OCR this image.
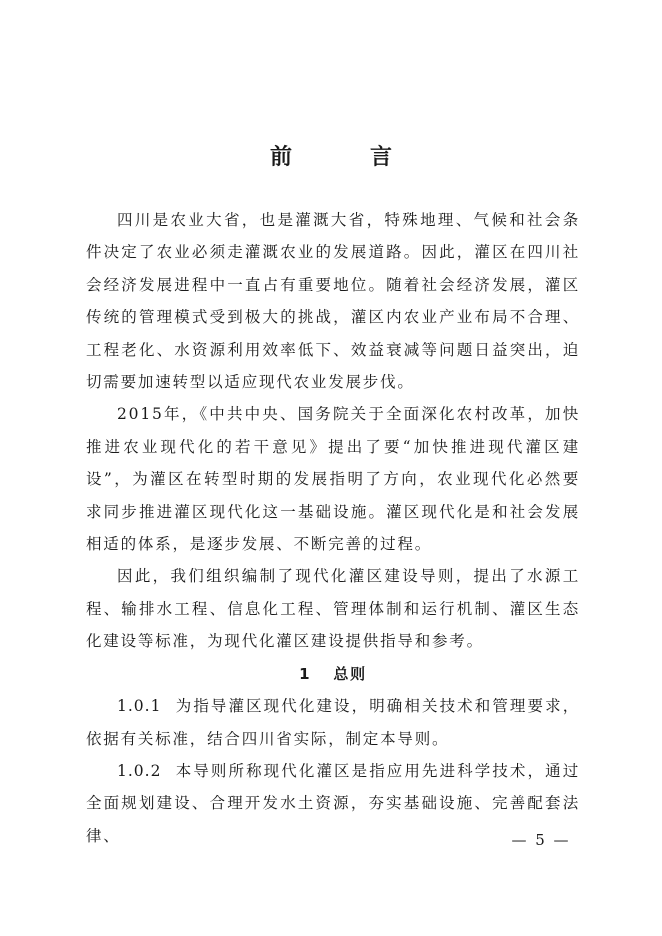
前　言

四川是农业大省，也是灌溉大省，特殊地理、气候和社会条件决定了农业必须走灌溉农业的发展道路。因此，灌区在四川社会经济发展进程中一直占有重要地位。随着社会经济发展，灌区传统的管理模式受到极大的挑战，灌区内农业产业布局不合理、工程老化、水资源利用效率低下、效益衰减等问题日益突出，迫切需要加速转型以适应现代农业发展步伐。

2015年，《中共中央、国务院关于全面深化农村改革，加快推进农业现代化的若干意见》提出了要“加快推进现代灌区建设”，为灌区在转型时期的发展指明了方向，农业现代化必然要求同步推进灌区现代化这一基础设施。灌区现代化是和社会发展相适的体系，是逐步发展、不断完善的过程。

因此，我们组织编制了现代化灌区建设导则，提出了水源工程、输排水工程、信息化工程、管理体制和运行机制、灌区生态化建设等标准，为现代化灌区建设提供指导和参考。

1 总则

1.0.1 为指导灌区现代化建设，明确相关技术和管理要求，依据有关标准，结合四川省实际，制定本导则。

1.0.2 本导则所称现代化灌区是指应用先进科学技术，通过全面规划建设、合理开发水土资源，夯实基础设施、完善配套法律、	— 5 —
